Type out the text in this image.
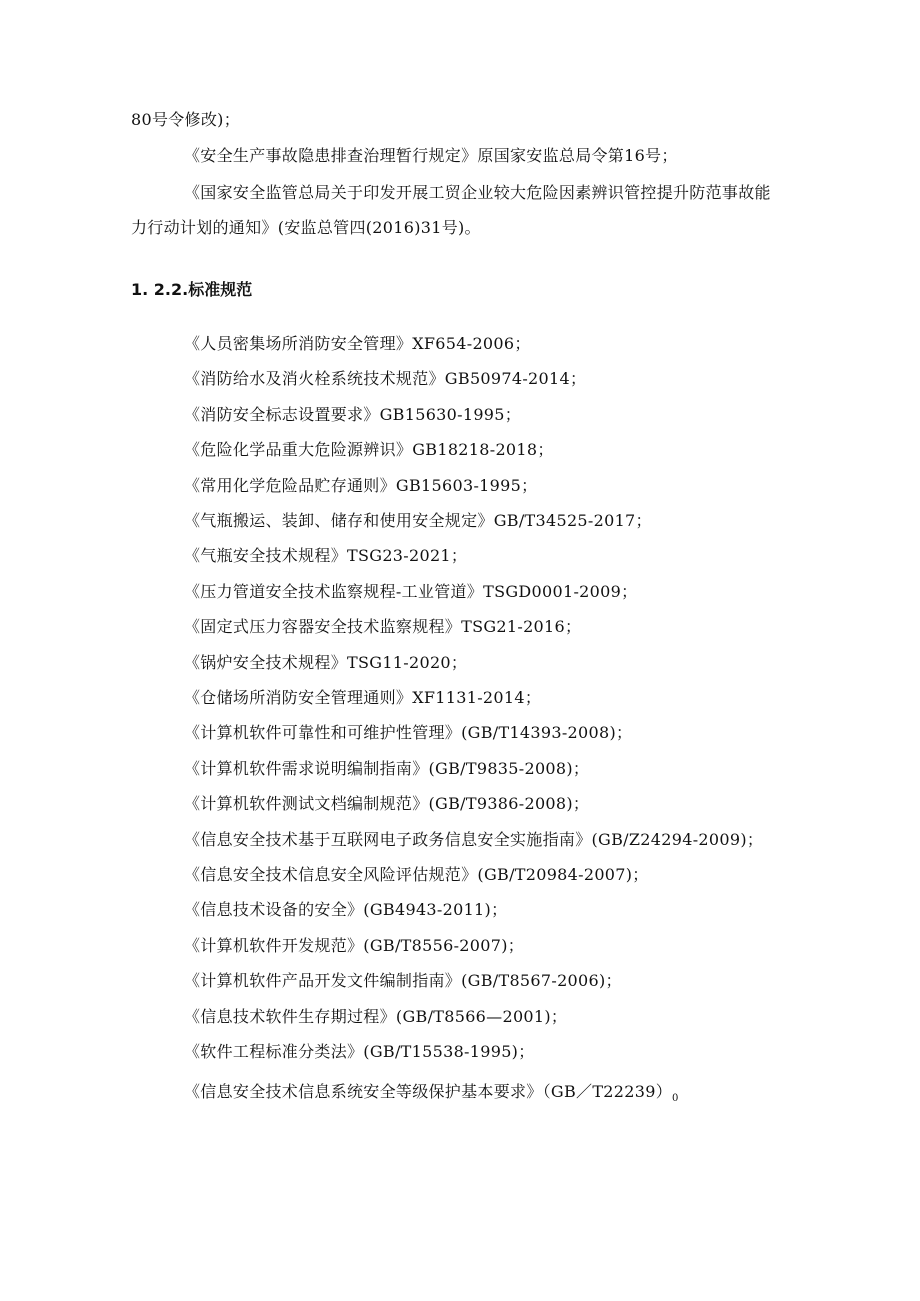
80号令修改)；
《安全生产事故隐患排查治理暂行规定》原国家安监总局令第16号；
《国家安全监管总局关于印发开展工贸企业较大危险因素辨识管控提升防范事故能
力行动计划的通知》(安监总管四(2016)31号)。
1. 2.2.标准规范
《人员密集场所消防安全管理》XF654-2006；
《消防给水及消火栓系统技术规范》GB50974-2014；
《消防安全标志设置要求》GB15630-1995；
《危险化学品重大危险源辨识》GB18218-2018；
《常用化学危险品贮存通则》GB15603-1995；
《气瓶搬运、装卸、储存和使用安全规定》GB/T34525-2017；
《气瓶安全技术规程》TSG23-2021；
《压力管道安全技术监察规程-工业管道》TSGD0001-2009；
《固定式压力容器安全技术监察规程》TSG21-2016；
《锅炉安全技术规程》TSG11-2020；
《仓储场所消防安全管理通则》XF1131-2014；
《计算机软件可靠性和可维护性管理》(GB/T14393-2008)；
《计算机软件需求说明编制指南》(GB/T9835-2008)；
《计算机软件测试文档编制规范》(GB/T9386-2008)；
《信息安全技术基于互联网电子政务信息安全实施指南》(GB/Z24294-2009)；
《信息安全技术信息安全风险评估规范》(GB/T20984-2007)；
《信息技术设备的安全》(GB4943-2011)；
《计算机软件开发规范》(GB/T8556-2007)；
《计算机软件产品开发文件编制指南》(GB/T8567-2006)；
《信息技术软件生存期过程》(GB/T8566—2001)；
《软件工程标准分类法》(GB/T15538-1995)；
《信息安全技术信息系统安全等级保护基本要求》$(GB/T22239)_0$
